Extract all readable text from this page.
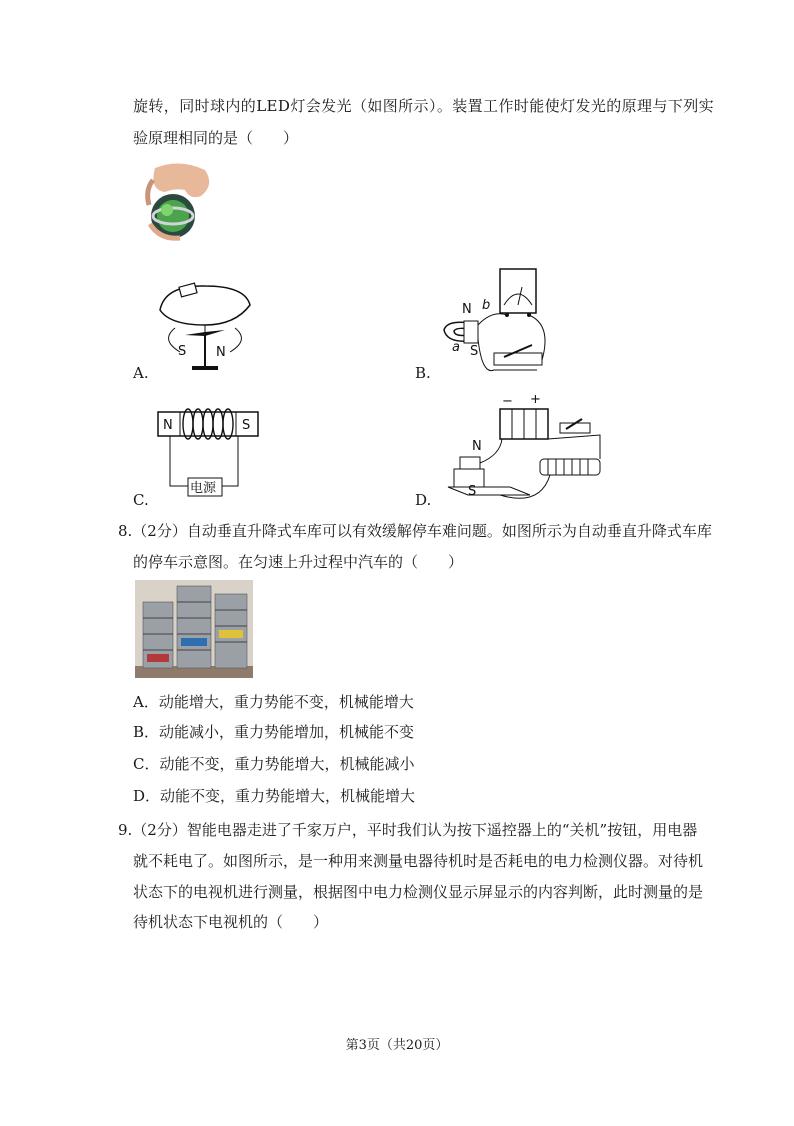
旋转，同时球内的LED灯会发光（如图所示）。装置工作时能使灯发光的原理与下列实
验原理相同的是（　　）
S N
A.
N
S
a
b
B.
N	S
电源
C.
− +
N
S
D.
8.（2分）自动垂直升降式车库可以有效缓解停车难问题。如图所示为自动垂直升降式车库
的停车示意图。在匀速上升过程中汽车的（　　）
A．动能增大，重力势能不变，机械能增大
B．动能减小，重力势能增加，机械能不变
C．动能不变，重力势能增大，机械能减小
D．动能不变，重力势能增大，机械能增大
9.（2分）智能电器走进了千家万户，平时我们认为按下遥控器上的“关机”按钮，用电器
就不耗电了。如图所示，是一种用来测量电器待机时是否耗电的电力检测仪器。对待机
状态下的电视机进行测量，根据图中电力检测仪显示屏显示的内容判断，此时测量的是
待机状态下电视机的（　　）
第3页（共20页）
